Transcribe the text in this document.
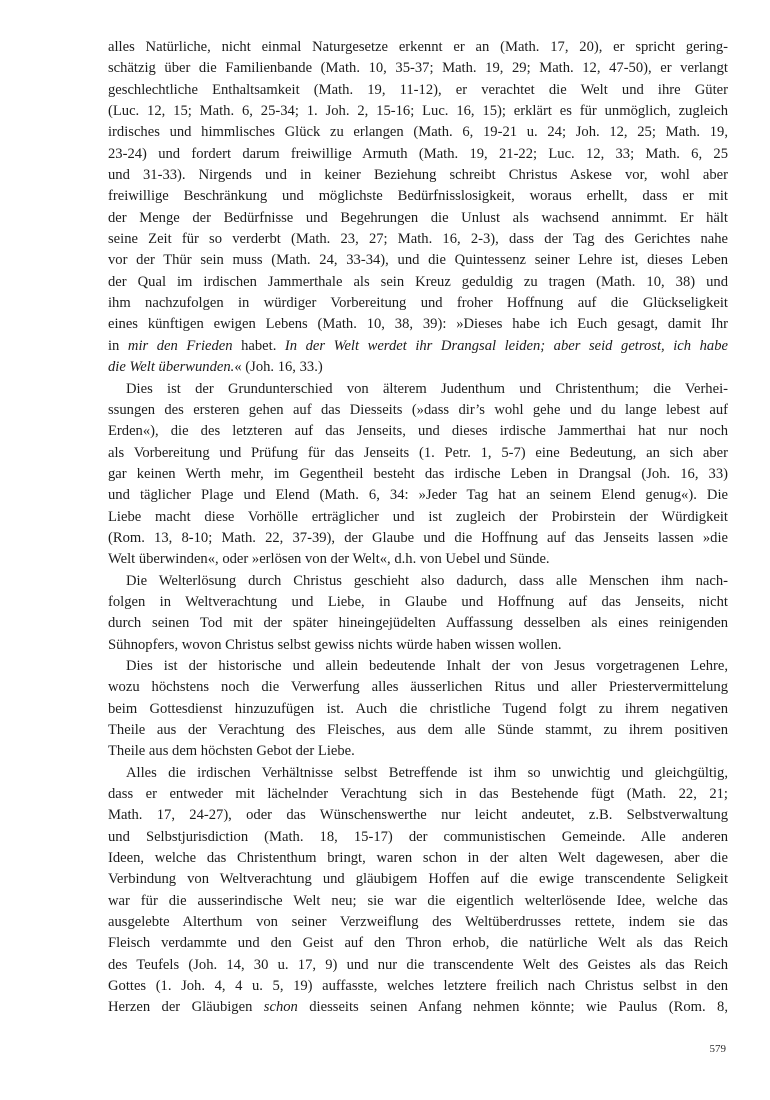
alles Natürliche, nicht einmal Naturgesetze erkennt er an (Math. 17, 20), er spricht gering-
schätzig über die Familienbande (Math. 10, 35-37; Math. 19, 29; Math. 12, 47-50), er verlangt
geschlechtliche Enthaltsamkeit (Math. 19, 11-12), er verachtet die Welt und ihre Güter
(Luc. 12, 15; Math. 6, 25-34; 1. Joh. 2, 15-16; Luc. 16, 15); erklärt es für unmöglich, zugleich
irdisches und himmlisches Glück zu erlangen (Math. 6, 19-21 u. 24; Joh. 12, 25; Math. 19,
23-24) und fordert darum freiwillige Armuth (Math. 19, 21-22; Luc. 12, 33; Math. 6, 25
und 31-33). Nirgends und in keiner Beziehung schreibt Christus Askese vor, wohl aber
freiwillige Beschränkung und möglichste Bedürfnisslosigkeit, woraus erhellt, dass er mit
der Menge der Bedürfnisse und Begehrungen die Unlust als wachsend annimmt. Er hält
seine Zeit für so verderbt (Math. 23, 27; Math. 16, 2-3), dass der Tag des Gerichtes nahe
vor der Thür sein muss (Math. 24, 33-34), und die Quintessenz seiner Lehre ist, dieses Leben
der Qual im irdischen Jammerthale als sein Kreuz geduldig zu tragen (Math. 10, 38) und
ihm nachzufolgen in würdiger Vorbereitung und froher Hoffnung auf die Glückseligkeit
eines künftigen ewigen Lebens (Math. 10, 38, 39): »Dieses habe ich Euch gesagt, damit Ihr
in mir den Frieden habet. In der Welt werdet ihr Drangsal leiden; aber seid getrost, ich habe
die Welt überwunden.« (Joh. 16, 33.)
Dies ist der Grundunterschied von älterem Judenthum und Christenthum; die Verhei-
ssungen des ersteren gehen auf das Diesseits (»dass dir’s wohl gehe und du lange lebest auf
Erden«), die des letzteren auf das Jenseits, und dieses irdische Jammerthai hat nur noch
als Vorbereitung und Prüfung für das Jenseits (1. Petr. 1, 5-7) eine Bedeutung, an sich aber
gar keinen Werth mehr, im Gegentheil besteht das irdische Leben in Drangsal (Joh. 16, 33)
und täglicher Plage und Elend (Math. 6, 34: »Jeder Tag hat an seinem Elend genug«). Die
Liebe macht diese Vorhölle erträglicher und ist zugleich der Probirstein der Würdigkeit
(Rom. 13, 8-10; Math. 22, 37-39), der Glaube und die Hoffnung auf das Jenseits lassen »die
Welt überwinden«, oder »erlösen von der Welt«, d.h. von Uebel und Sünde.
Die Welterlösung durch Christus geschieht also dadurch, dass alle Menschen ihm nach-
folgen in Weltverachtung und Liebe, in Glaube und Hoffnung auf das Jenseits, nicht
durch seinen Tod mit der später hineingejüdelten Auffassung desselben als eines reinigenden
Sühnopfers, wovon Christus selbst gewiss nichts würde haben wissen wollen.
Dies ist der historische und allein bedeutende Inhalt der von Jesus vorgetragenen Lehre,
wozu höchstens noch die Verwerfung alles äusserlichen Ritus und aller Priestervermittelung
beim Gottesdienst hinzuzufügen ist. Auch die christliche Tugend folgt zu ihrem negativen
Theile aus der Verachtung des Fleisches, aus dem alle Sünde stammt, zu ihrem positiven
Theile aus dem höchsten Gebot der Liebe.
Alles die irdischen Verhältnisse selbst Betreffende ist ihm so unwichtig und gleichgültig,
dass er entweder mit lächelnder Verachtung sich in das Bestehende fügt (Math. 22, 21;
Math. 17, 24-27), oder das Wünschenswerthe nur leicht andeutet, z.B. Selbstverwaltung
und Selbstjurisdiction (Math. 18, 15-17) der communistischen Gemeinde. Alle anderen
Ideen, welche das Christenthum bringt, waren schon in der alten Welt dagewesen, aber die
Verbindung von Weltverachtung und gläubigem Hoffen auf die ewige transcendente Seligkeit
war für die ausserindische Welt neu; sie war die eigentlich welterlösende Idee, welche das
ausgelebte Alterthum von seiner Verzweiflung des Weltüberdrusses rettete, indem sie das
Fleisch verdammte und den Geist auf den Thron erhob, die natürliche Welt als das Reich
des Teufels (Joh. 14, 30 u. 17, 9) und nur die transcendente Welt des Geistes als das Reich
Gottes (1. Joh. 4, 4 u. 5, 19) auffasste, welches letztere freilich nach Christus selbst in den
Herzen der Gläubigen schon diesseits seinen Anfang nehmen könnte; wie Paulus (Rom. 8,
579
